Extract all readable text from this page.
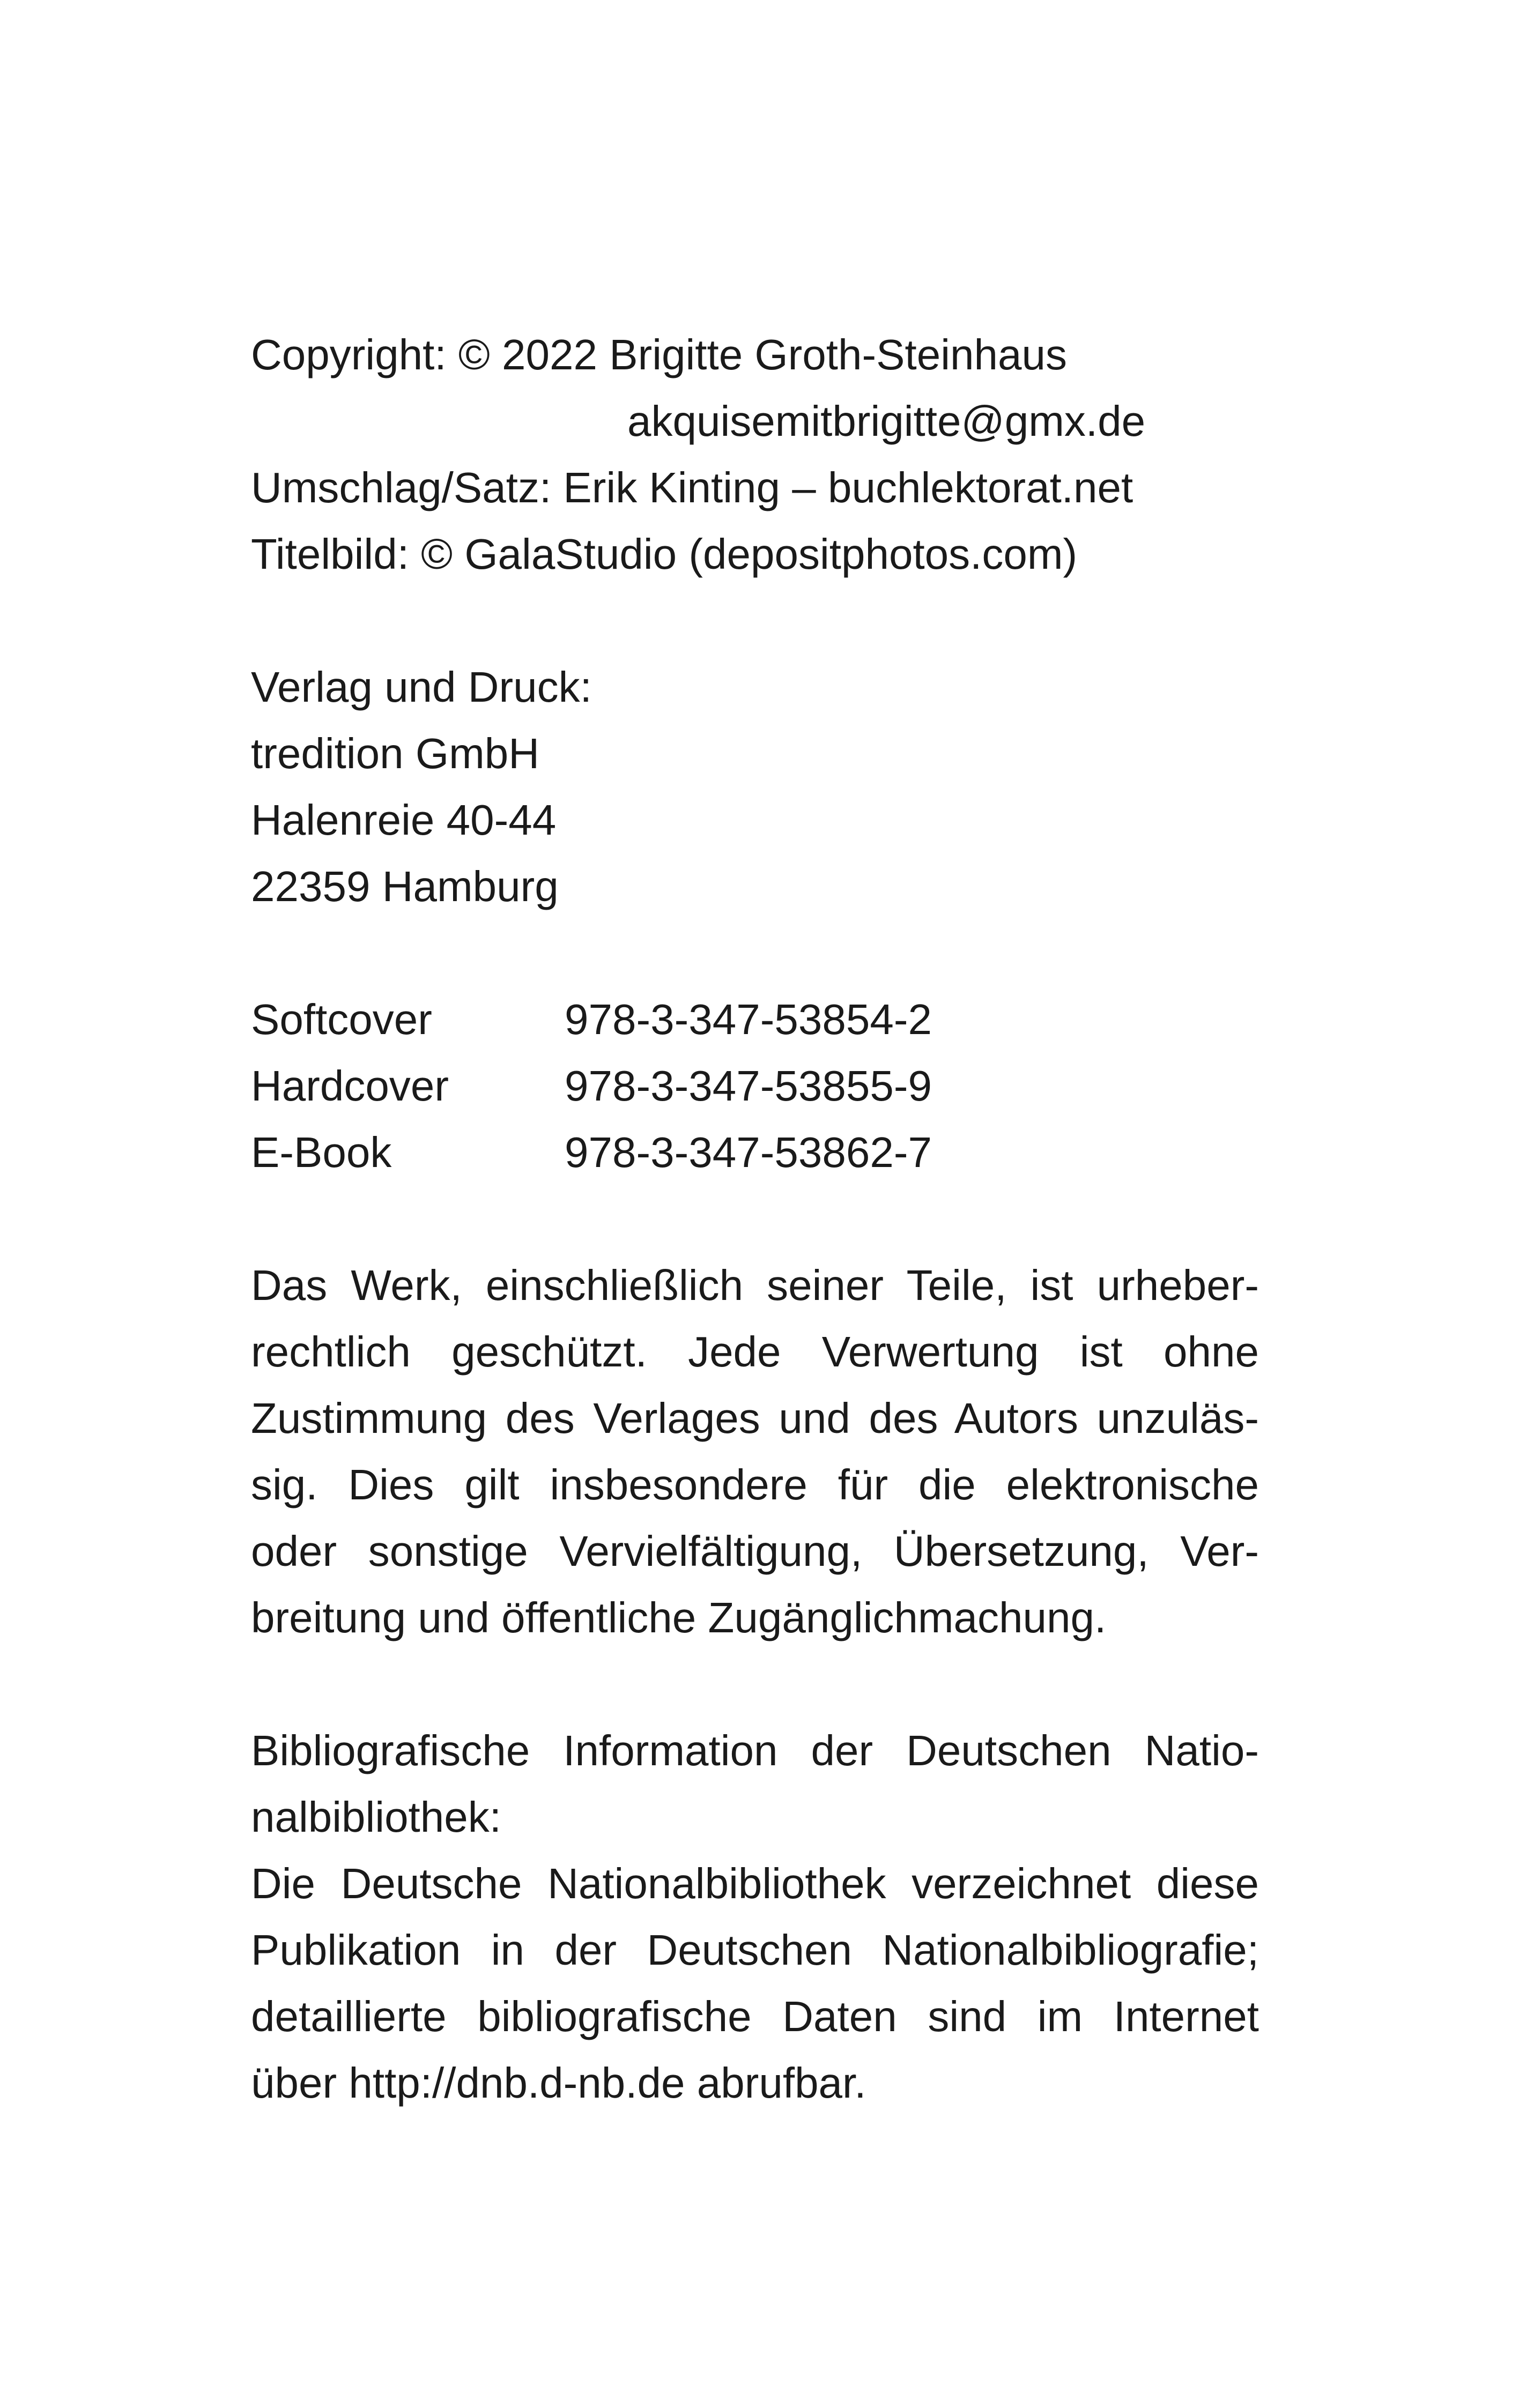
Copyright: © 2022 Brigitte Groth-Steinhaus
akquisemitbrigitte@gmx.de
Umschlag/Satz: Erik Kinting – buchlektorat.net
Titelbild: © GalaStudio (depositphotos.com)
Verlag und Druck:
tredition GmbH
Halenreie 40-44
22359 Hamburg
Softcover	978-3-347-53854-2
Hardcover	978-3-347-53855-9
E-Book	978-3-347-53862-7
Das Werk, einschließlich seiner Teile, ist urheber-
rechtlich geschützt. Jede Verwertung ist ohne
Zustimmung des Verlages und des Autors unzuläs-
sig. Dies gilt insbesondere für die elektronische
oder sonstige Vervielfältigung, Übersetzung, Ver-
breitung und öffentliche Zugänglichmachung.
Bibliografische Information der Deutschen Natio-
nalbibliothek:
Die Deutsche Nationalbibliothek verzeichnet diese
Publikation in der Deutschen Nationalbibliografie;
detaillierte bibliografische Daten sind im Internet
über http://dnb.d-nb.de abrufbar.
